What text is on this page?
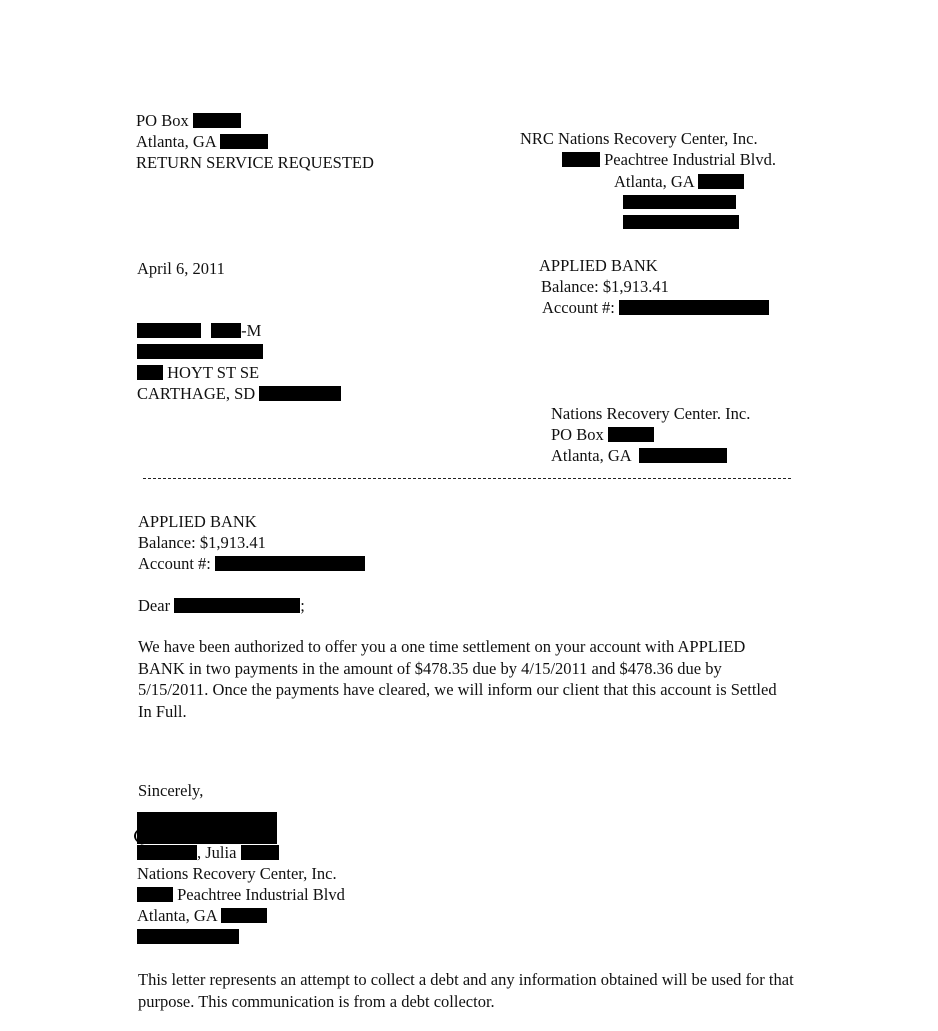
PO Box
Atlanta, GA
RETURN SERVICE REQUESTED
NRC Nations Recovery Center, Inc.
Peachtree Industrial Blvd.
Atlanta, GA
April 6, 2011	APPLIED BANK
Balance: $1,913.41
Account #:
-M
HOYT ST SE
CARTHAGE, SD
Nations Recovery Center. Inc.
PO Box
Atlanta, GA
APPLIED BANK
Balance: $1,913.41
Account #:
Dear	;
We have been authorized to offer you a one time settlement on your account with APPLIED BANK in two payments in the amount of $478.35 due by 4/15/2011 and $478.36 due by 5/15/2011. Once the payments have cleared, we will inform our client that this account is Settled In Full.
Sincerely,
, Julia
Nations Recovery Center, Inc.
Peachtree Industrial Blvd
Atlanta, GA
This letter represents an attempt to collect a debt and any information obtained will be used for that purpose. This communication is from a debt collector.
